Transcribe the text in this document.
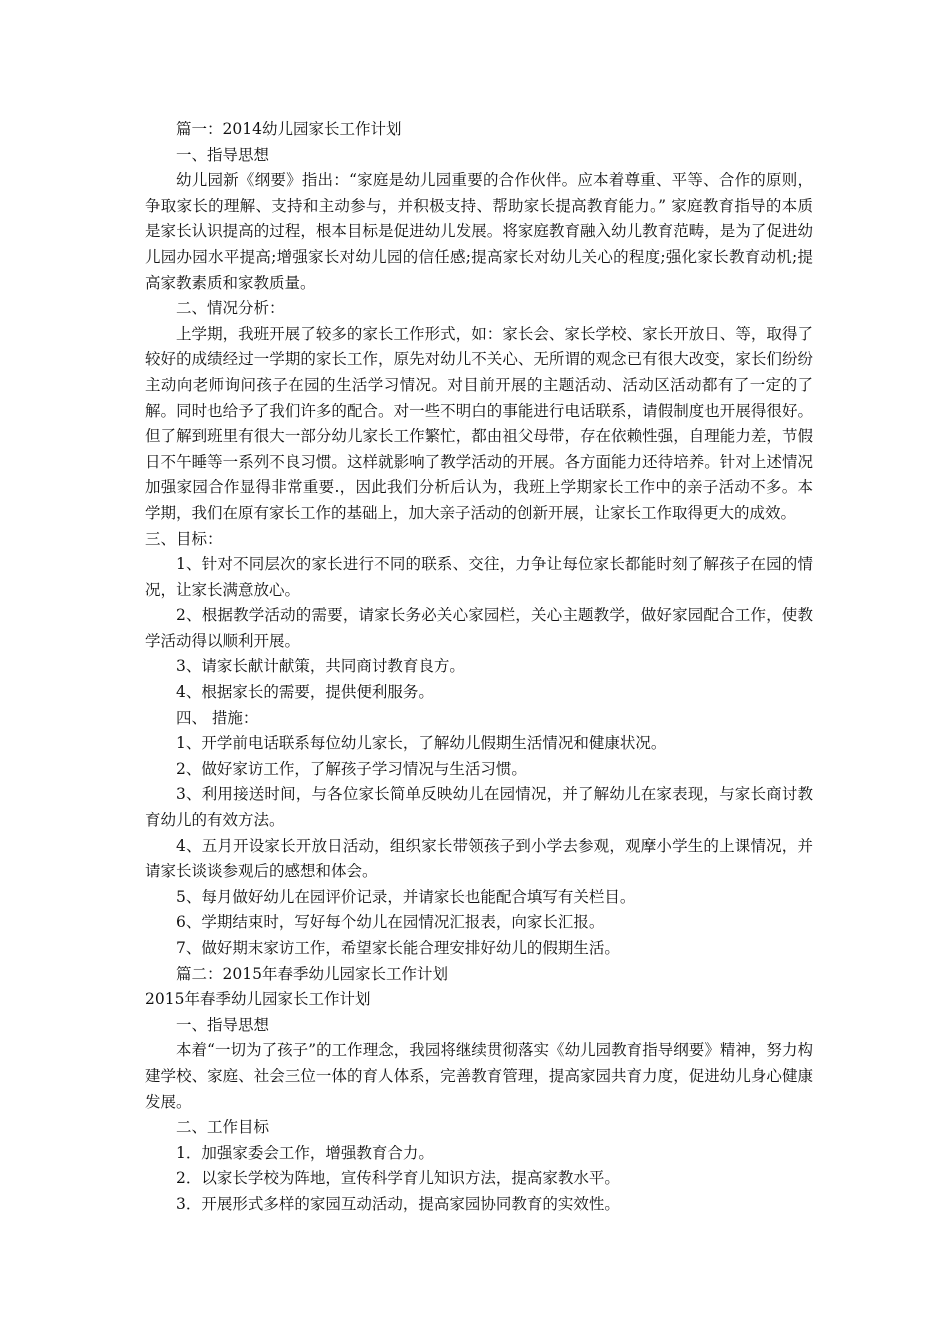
篇一：2014幼儿园家长工作计划

一、指导思想

幼儿园新《纲要》指出：“家庭是幼儿园重要的合作伙伴。应本着尊重、平等、合作的原则，争取家长的理解、支持和主动参与，并积极支持、帮助家长提高教育能力。” 家庭教育指导的本质是家长认识提高的过程，根本目标是促进幼儿发展。将家庭教育融入幼儿教育范畴，是为了促进幼儿园办园水平提高;增强家长对幼儿园的信任感;提高家长对幼儿关心的程度;强化家长教育动机;提高家教素质和家教质量。

二、情况分析：

上学期，我班开展了较多的家长工作形式，如：家长会、家长学校、家长开放日、等，取得了较好的成绩经过一学期的家长工作，原先对幼儿不关心、无所谓的观念已有很大改变，家长们纷纷主动向老师询问孩子在园的生活学习情况。对目前开展的主题活动、活动区活动都有了一定的了解。同时也给予了我们许多的配合。对一些不明白的事能进行电话联系，请假制度也开展得很好。但了解到班里有很大一部分幼儿家长工作繁忙，都由祖父母带，存在依赖性强，自理能力差，节假日不午睡等一系列不良习惯。这样就影响了教学活动的开展。各方面能力还待培养。针对上述情况加强家园合作显得非常重要.，因此我们分析后认为，我班上学期家长工作中的亲子活动不多。本学期，我们在原有家长工作的基础上，加大亲子活动的创新开展，让家长工作取得更大的成效。

三、目标：

1、针对不同层次的家长进行不同的联系、交往，力争让每位家长都能时刻了解孩子在园的情况，让家长满意放心。

2、根据教学活动的需要，请家长务必关心家园栏，关心主题教学，做好家园配合工作，使教学活动得以顺利开展。

3、请家长献计献策，共同商讨教育良方。

4、根据家长的需要，提供便利服务。

四、 措施：

1、开学前电话联系每位幼儿家长，了解幼儿假期生活情况和健康状况。

2、做好家访工作，了解孩子学习情况与生活习惯。

3、利用接送时间，与各位家长简单反映幼儿在园情况，并了解幼儿在家表现，与家长商讨教育幼儿的有效方法。

4、五月开设家长开放日活动，组织家长带领孩子到小学去参观，观摩小学生的上课情况，并请家长谈谈参观后的感想和体会。

5、每月做好幼儿在园评价记录，并请家长也能配合填写有关栏目。

6、学期结束时，写好每个幼儿在园情况汇报表，向家长汇报。

7、做好期末家访工作，希望家长能合理安排好幼儿的假期生活。

篇二：2015年春季幼儿园家长工作计划

2015年春季幼儿园家长工作计划

一、指导思想

本着“一切为了孩子”的工作理念，我园将继续贯彻落实《幼儿园教育指导纲要》精神，努力构建学校、家庭、社会三位一体的育人体系，完善教育管理，提高家园共育力度，促进幼儿身心健康发展。

二、工作目标

1．加强家委会工作，增强教育合力。

2．以家长学校为阵地，宣传科学育儿知识方法，提高家教水平。

3．开展形式多样的家园互动活动，提高家园协同教育的实效性。
